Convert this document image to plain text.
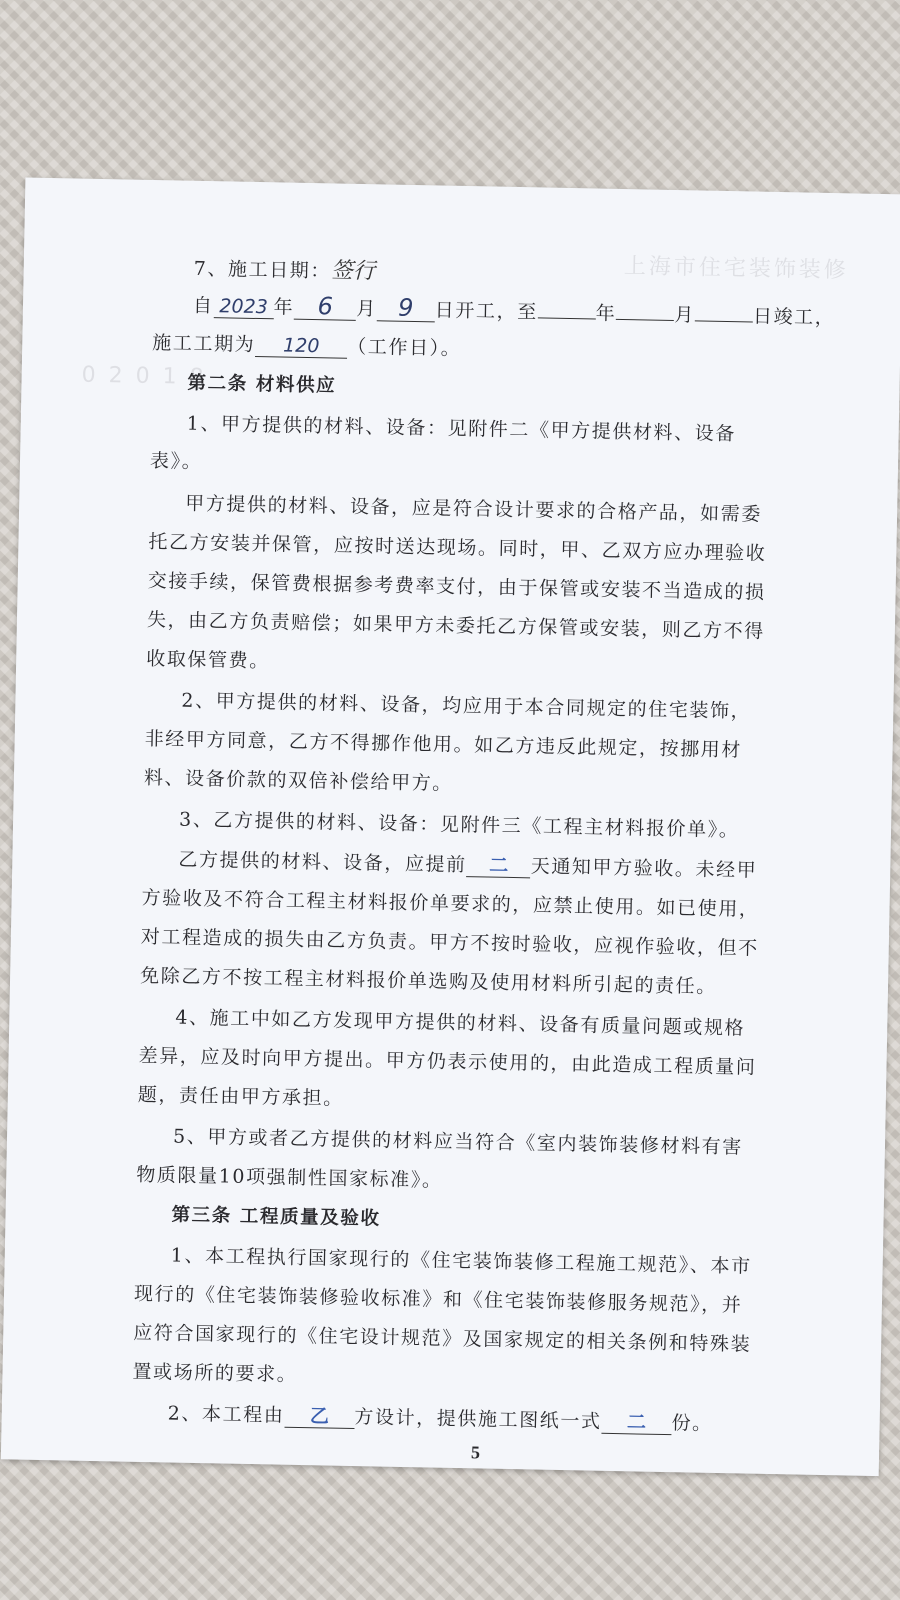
上海市住宅装饰装修
0 2 0 1 8
7、施工日期：签行
自 2023 年 6 月 9 日开工，至	年	月	日竣工，
施工工期为 120 （工作日）。
第二条 材料供应
1、甲方提供的材料、设备：见附件二《甲方提供材料、设备
表》。
甲方提供的材料、设备，应是符合设计要求的合格产品，如需委
托乙方安装并保管，应按时送达现场。同时，甲、乙双方应办理验收
交接手续，保管费根据参考费率支付，由于保管或安装不当造成的损
失，由乙方负责赔偿；如果甲方未委托乙方保管或安装，则乙方不得
收取保管费。
2、甲方提供的材料、设备，均应用于本合同规定的住宅装饰，
非经甲方同意，乙方不得挪作他用。如乙方违反此规定，按挪用材
料、设备价款的双倍补偿给甲方。
3、乙方提供的材料、设备：见附件三《工程主材料报价单》。
乙方提供的材料、设备，应提前 二 天通知甲方验收。未经甲
方验收及不符合工程主材料报价单要求的，应禁止使用。如已使用，
对工程造成的损失由乙方负责。甲方不按时验收，应视作验收，但不
免除乙方不按工程主材料报价单选购及使用材料所引起的责任。
4、施工中如乙方发现甲方提供的材料、设备有质量问题或规格
差异，应及时向甲方提出。甲方仍表示使用的，由此造成工程质量问
题，责任由甲方承担。
5、甲方或者乙方提供的材料应当符合《室内装饰装修材料有害
物质限量10项强制性国家标准》。
第三条 工程质量及验收
1、本工程执行国家现行的《住宅装饰装修工程施工规范》、本市
现行的《住宅装饰装修验收标准》和《住宅装饰装修服务规范》，并
应符合国家现行的《住宅设计规范》及国家规定的相关条例和特殊装
置或场所的要求。
2、本工程由 乙 方设计，提供施工图纸一式 二 份。
5
